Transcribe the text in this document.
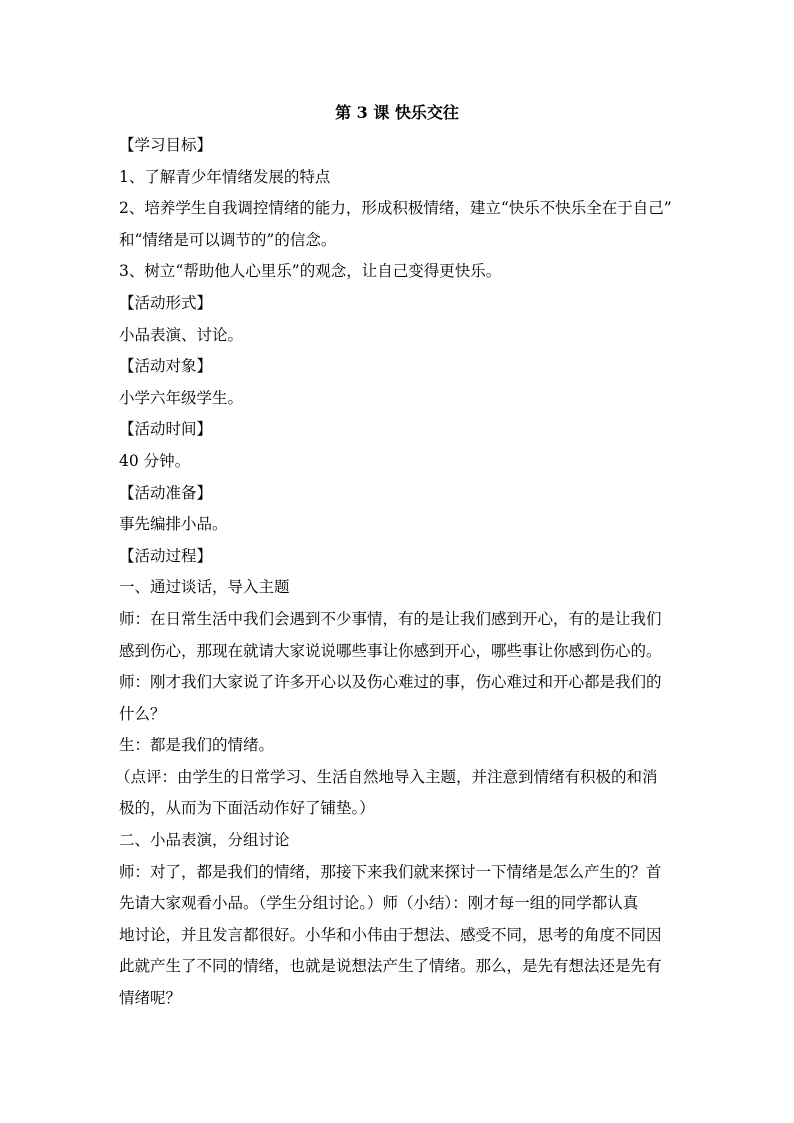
第 3 课 快乐交往
【学习目标】
1、了解青少年情绪发展的特点
2、培养学生自我调控情绪的能力，形成积极情绪，建立“快乐不快乐全在于自己”
和“情绪是可以调节的”的信念。
3、树立“帮助他人心里乐”的观念，让自己变得更快乐。
【活动形式】
小品表演、讨论。
【活动对象】
小学六年级学生。
【活动时间】
40 分钟。
【活动准备】
事先编排小品。
【活动过程】
一、通过谈话，导入主题
师：在日常生活中我们会遇到不少事情，有的是让我们感到开心，有的是让我们
感到伤心，那现在就请大家说说哪些事让你感到开心，哪些事让你感到伤心的。
师：刚才我们大家说了许多开心以及伤心难过的事，伤心难过和开心都是我们的
什么？
生：都是我们的情绪。
（点评：由学生的日常学习、生活自然地导入主题，并注意到情绪有积极的和消
极的，从而为下面活动作好了铺垫。）
二、小品表演，分组讨论
师：对了，都是我们的情绪，那接下来我们就来探讨一下情绪是怎么产生的？首
先请大家观看小品。（学生分组讨论。）师（小结）：刚才每一组的同学都认真
地讨论，并且发言都很好。小华和小伟由于想法、感受不同，思考的角度不同因
此就产生了不同的情绪，也就是说想法产生了情绪。那么，是先有想法还是先有
情绪呢？
